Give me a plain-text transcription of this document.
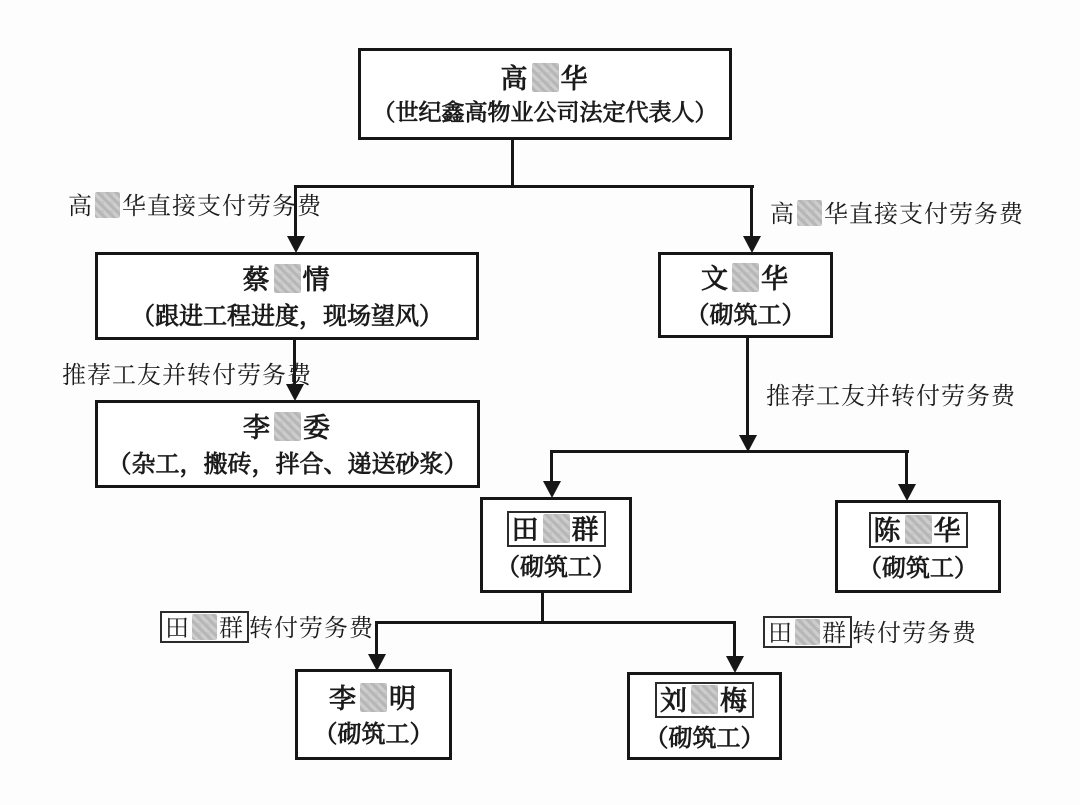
高 华
（世纪鑫高物业公司法定代表人）
蔡 情
（跟进工程进度，现场望风）
文 华
（砌筑工）
李 委
（杂工，搬砖，拌合、递送砂浆）
田 群
（砌筑工）
陈 华
（砌筑工）
李 明
（砌筑工）
刘 梅
（砌筑工）
高 华直接支付劳务费	高 华直接支付劳务费
推荐工友并转付劳务费
推荐工友并转付劳务费
田 群 转付劳务费	田 群 转付劳务费
